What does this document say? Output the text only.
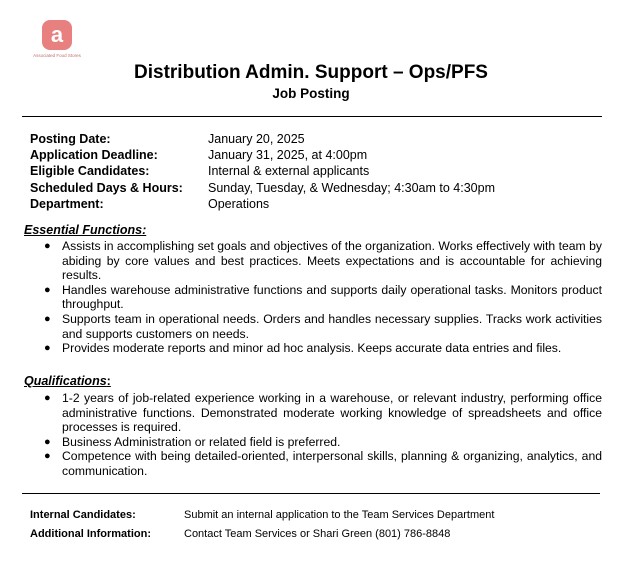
a
Associated Food Stores
Distribution Admin. Support – Ops/PFS
Job Posting
Posting Date:	January 20, 2025
Application Deadline:	January 31, 2025, at 4:00pm
Eligible Candidates:	Internal & external applicants
Scheduled Days & Hours: Sunday, Tuesday, & Wednesday; 4:30am to 4:30pm
Department:	Operations
Essential Functions:
● Assists in accomplishing set goals and objectives of the organization. Works effectively with team by abiding by core values and best practices. Meets expectations and is accountable for achieving results.
● Handles warehouse administrative functions and supports daily operational tasks. Monitors product throughput.
● Supports team in operational needs. Orders and handles necessary supplies. Tracks work activities and supports customers on needs.
● Provides moderate reports and minor ad hoc analysis. Keeps accurate data entries and files.
Qualifications:
● 1-2 years of job-related experience working in a warehouse, or relevant industry, performing office administrative functions. Demonstrated moderate working knowledge of spreadsheets and office processes is required.
● Business Administration or related field is preferred.
● Competence with being detailed-oriented, interpersonal skills, planning & organizing, analytics, and communication.
Internal Candidates:	Submit an internal application to the Team Services Department
Additional Information:	Contact Team Services or Shari Green (801) 786-8848
